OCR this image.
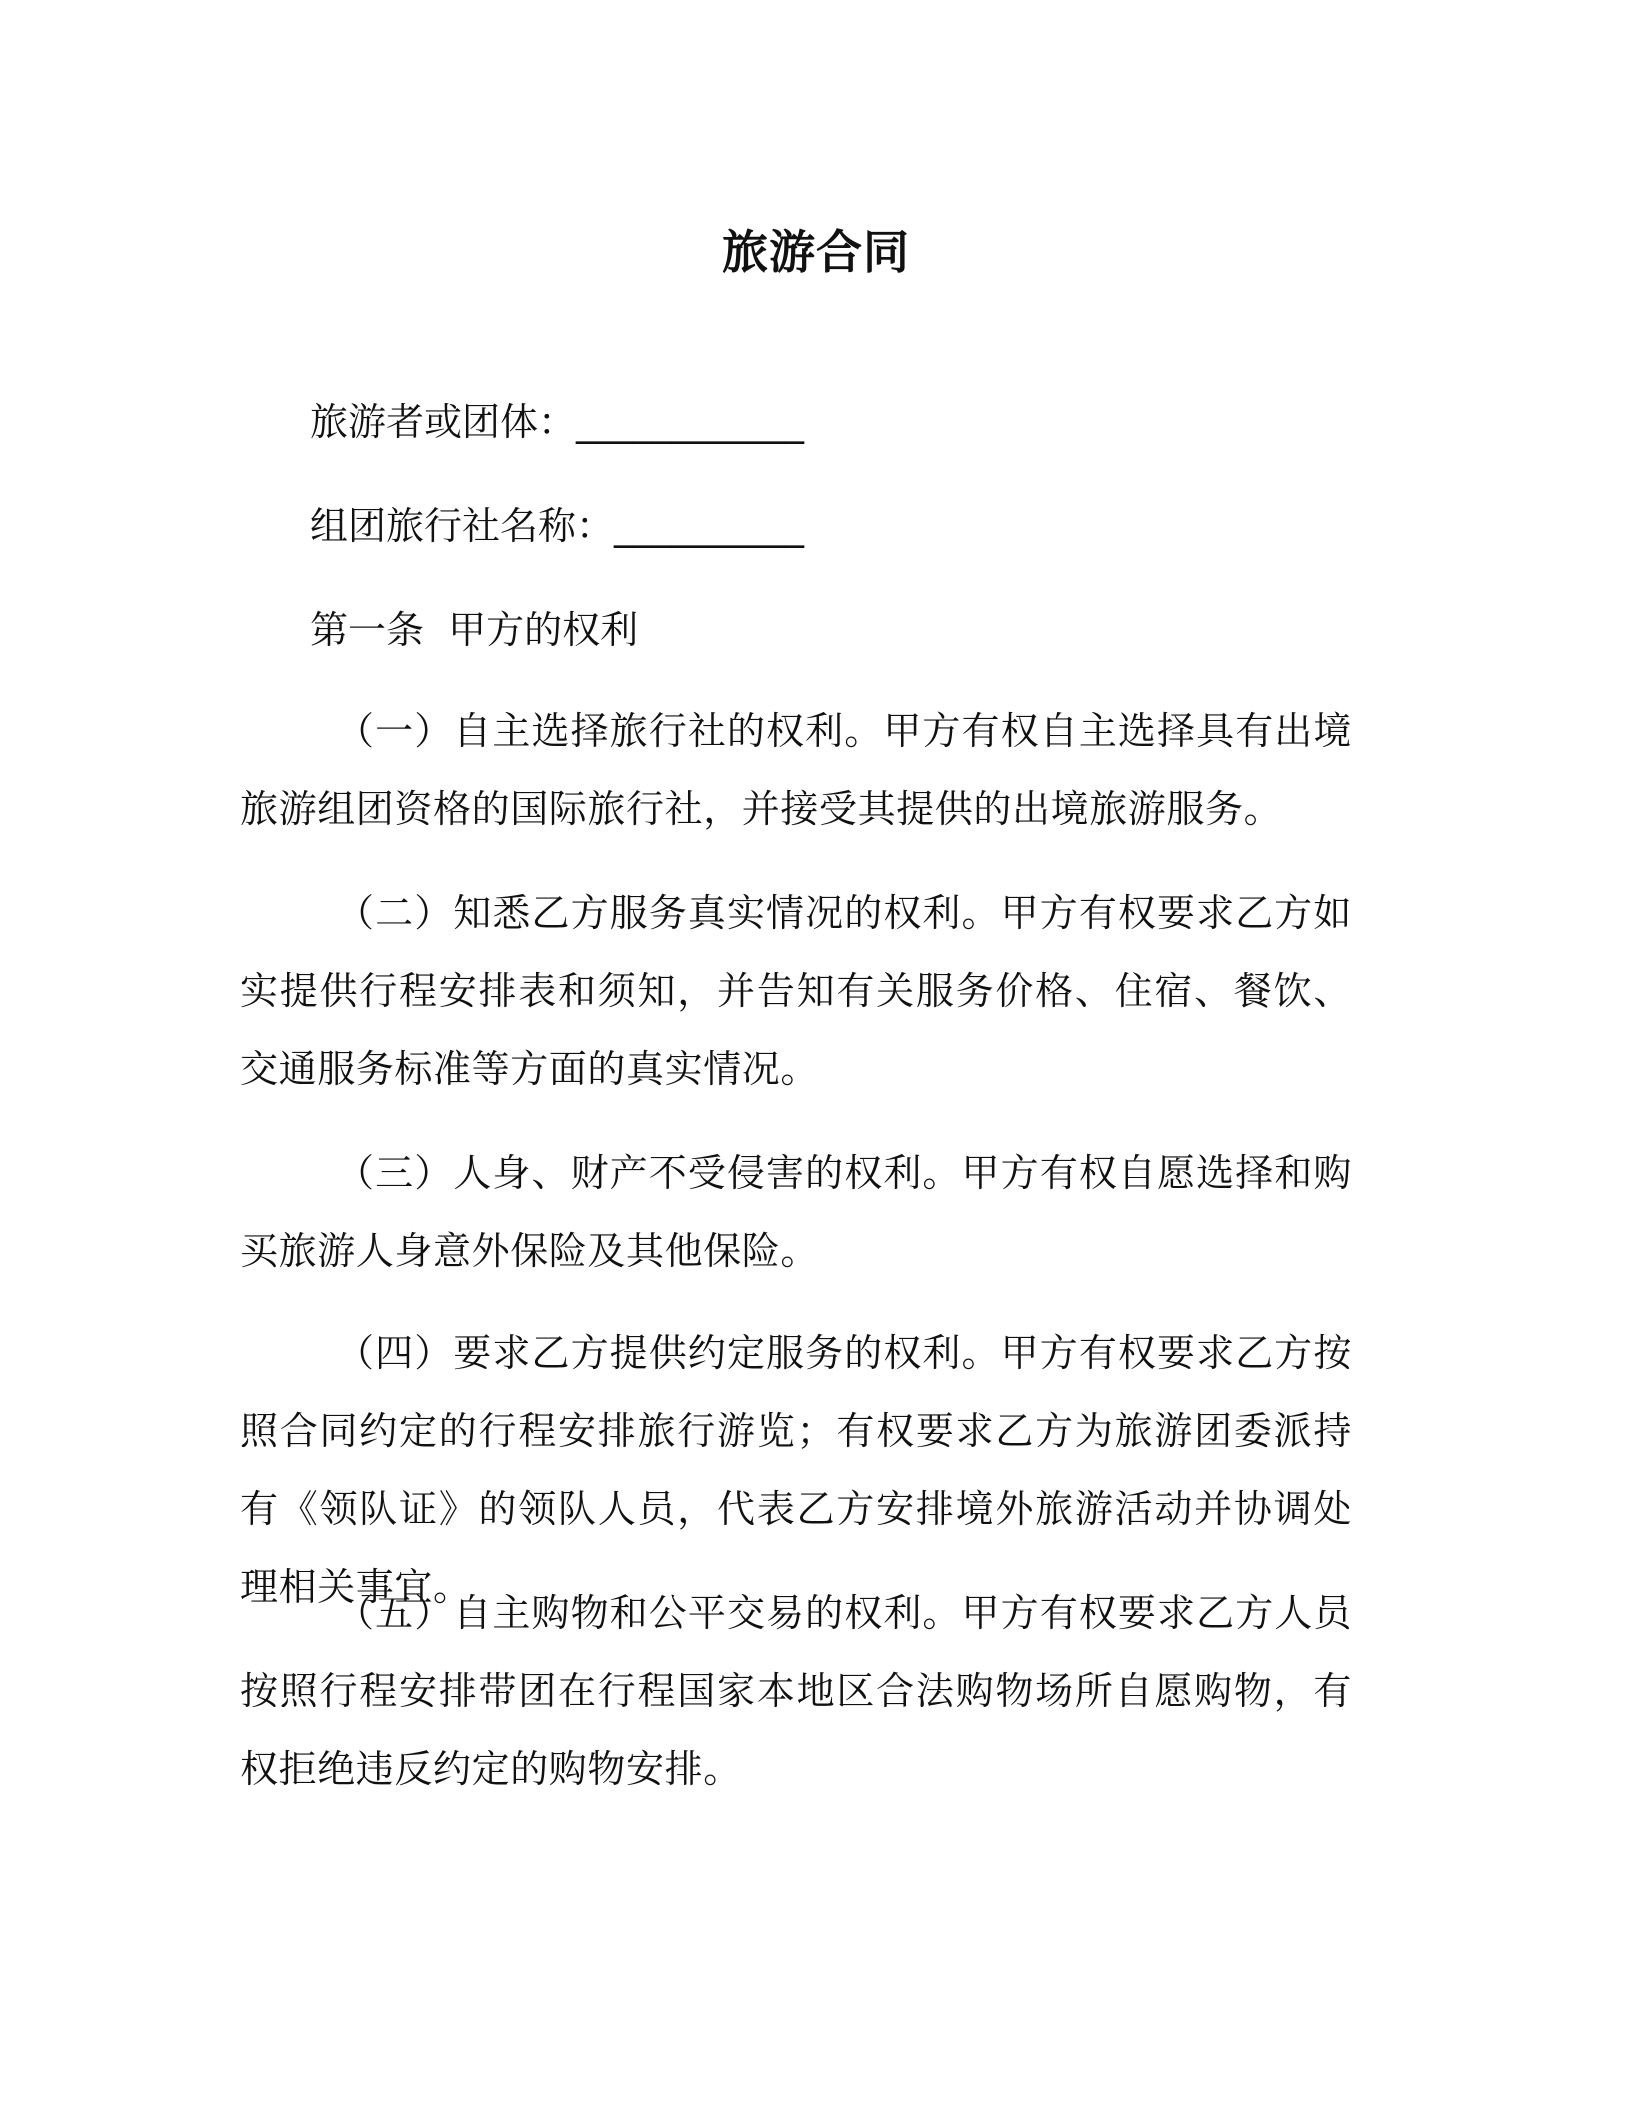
旅游合同

旅游者或团体：____________

组团旅行社名称：__________

第一条  甲方的权利

（一）自主选择旅行社的权利。甲方有权自主选择具有出境旅游组团资格的国际旅行社，并接受其提供的出境旅游服务。

（二）知悉乙方服务真实情况的权利。甲方有权要求乙方如实提供行程安排表和须知，并告知有关服务价格、住宿、餐饮、交通服务标准等方面的真实情况。

（三）人身、财产不受侵害的权利。甲方有权自愿选择和购买旅游人身意外保险及其他保险。

（四）要求乙方提供约定服务的权利。甲方有权要求乙方按照合同约定的行程安排旅行游览；有权要求乙方为旅游团委派持有《领队证》的领队人员，代表乙方安排境外旅游活动并协调处理相关事宜。

（五）自主购物和公平交易的权利。甲方有权要求乙方人员按照行程安排带团在行程国家本地区合法购物场所自愿购物，有权拒绝违反约定的购物安排。
